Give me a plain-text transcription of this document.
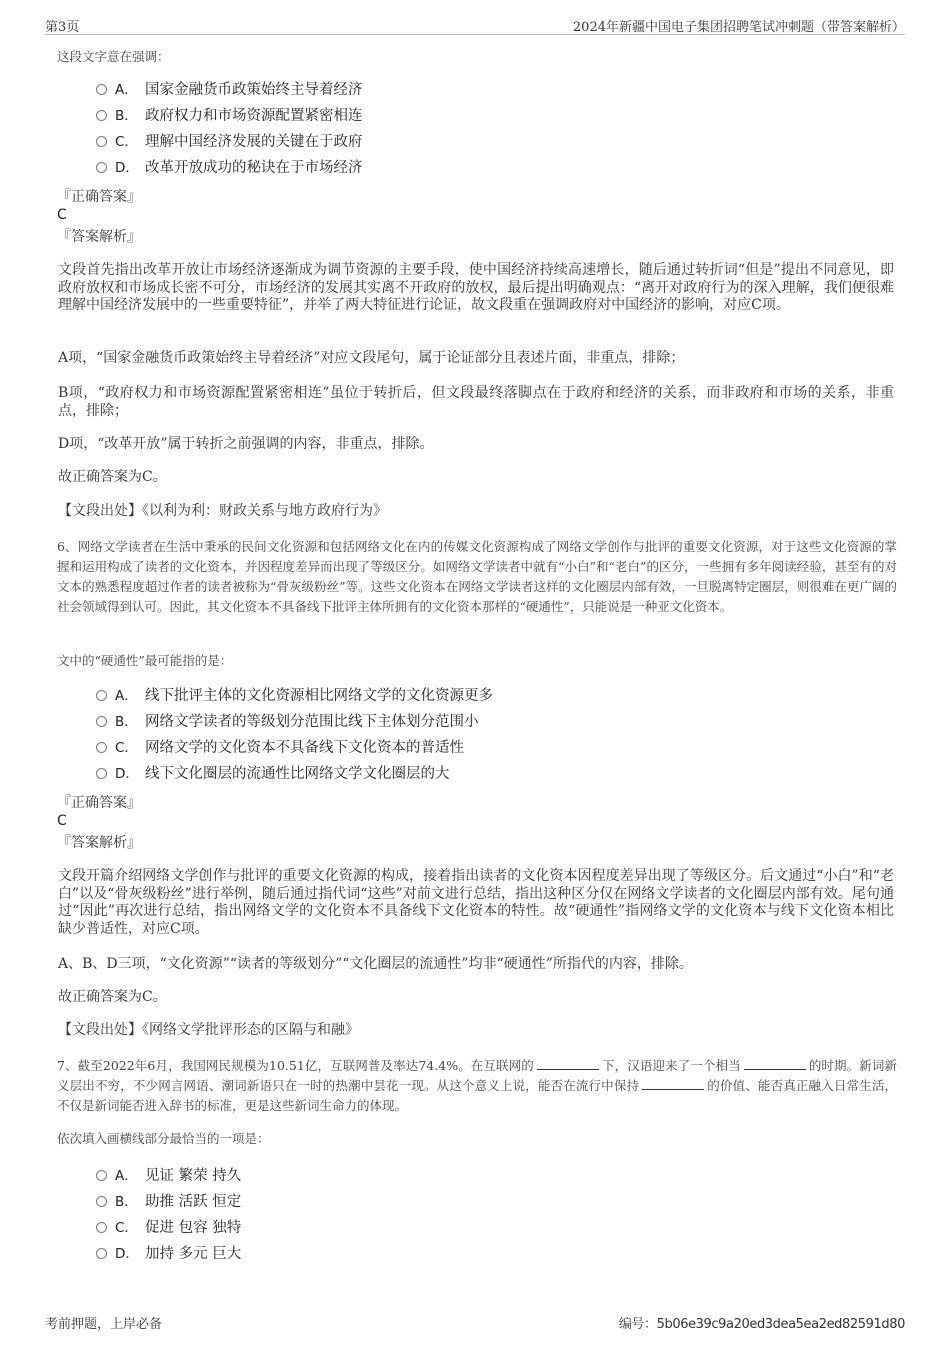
第3页	2024年新疆中国电子集团招聘笔试冲刺题（带答案解析）
这段文字意在强调：
A． 国家金融货币政策始终主导着经济
B． 政府权力和市场资源配置紧密相连
C． 理解中国经济发展的关键在于政府
D． 改革开放成功的秘诀在于市场经济
『正确答案』
C
『答案解析』
文段首先指出改革开放让市场经济逐渐成为调节资源的主要手段，使中国经济持续高速增长，随后通过转折词“但是”提出不同意见，即政府放权和市场成长密不可分，市场经济的发展其实离不开政府的放权，最后提出明确观点：“离开对政府行为的深入理解，我们便很难理解中国经济发展中的一些重要特征”，并举了两大特征进行论证，故文段重在强调政府对中国经济的影响，对应C项。
A项，“国家金融货币政策始终主导着经济”对应文段尾句，属于论证部分且表述片面，非重点，排除；
B项，“政府权力和市场资源配置紧密相连”虽位于转折后，但文段最终落脚点在于政府和经济的关系，而非政府和市场的关系，非重点，排除；
D项，“改革开放”属于转折之前强调的内容，非重点，排除。
故正确答案为C。
【文段出处】《以利为利：财政关系与地方政府行为》
6、网络文学读者在生活中秉承的民间文化资源和包括网络文化在内的传媒文化资源构成了网络文学创作与批评的重要文化资源，对于这些文化资源的掌握和运用构成了读者的文化资本，并因程度差异而出现了等级区分。如网络文学读者中就有“小白”和“老白”的区分，一些拥有多年阅读经验，甚至有的对文本的熟悉程度超过作者的读者被称为“骨灰级粉丝”等。这些文化资本在网络文学读者这样的文化圈层内部有效，一旦脱离特定圈层，则很难在更广阔的社会领域得到认可。因此，其文化资本不具备线下批评主体所拥有的文化资本那样的“硬通性”，只能说是一种亚文化资本。
文中的“硬通性”最可能指的是：
A． 线下批评主体的文化资源相比网络文学的文化资源更多
B． 网络文学读者的等级划分范围比线下主体划分范围小
C． 网络文学的文化资本不具备线下文化资本的普适性
D． 线下文化圈层的流通性比网络文学文化圈层的大
『正确答案』
C
『答案解析』
文段开篇介绍网络文学创作与批评的重要文化资源的构成，接着指出读者的文化资本因程度差异出现了等级区分。后文通过“小白”和“老白”以及“骨灰级粉丝”进行举例，随后通过指代词“这些”对前文进行总结，指出这种区分仅在网络文学读者的文化圈层内部有效。尾句通过“因此”再次进行总结，指出网络文学的文化资本不具备线下文化资本的特性。故“硬通性”指网络文学的文化资本与线下文化资本相比缺少普适性，对应C项。
A、B、D三项，“文化资源”“读者的等级划分”“文化圈层的流通性”均非“硬通性”所指代的内容，排除。
故正确答案为C。
【文段出处】《网络文学批评形态的区隔与和融》
7、截至2022年6月，我国网民规模为10.51亿，互联网普及率达74.4%。在互联网的	下，汉语迎来了一个相当	的时期。新词新义层出不穷，不少网言网语、潮词新语只在一时的热潮中昙花一现。从这个意义上说，能否在流行中保持	的价值、能否真正融入日常生活，不仅是新词能否进入辞书的标准，更是这些新词生命力的体现。
依次填入画横线部分最恰当的一项是：
A． 见证 繁荣 持久
B． 助推 活跃 恒定
C． 促进 包容 独特
D． 加持 多元 巨大
考前押题，上岸必备	编号：5b06e39c9a20ed3dea5ea2ed82591d80
